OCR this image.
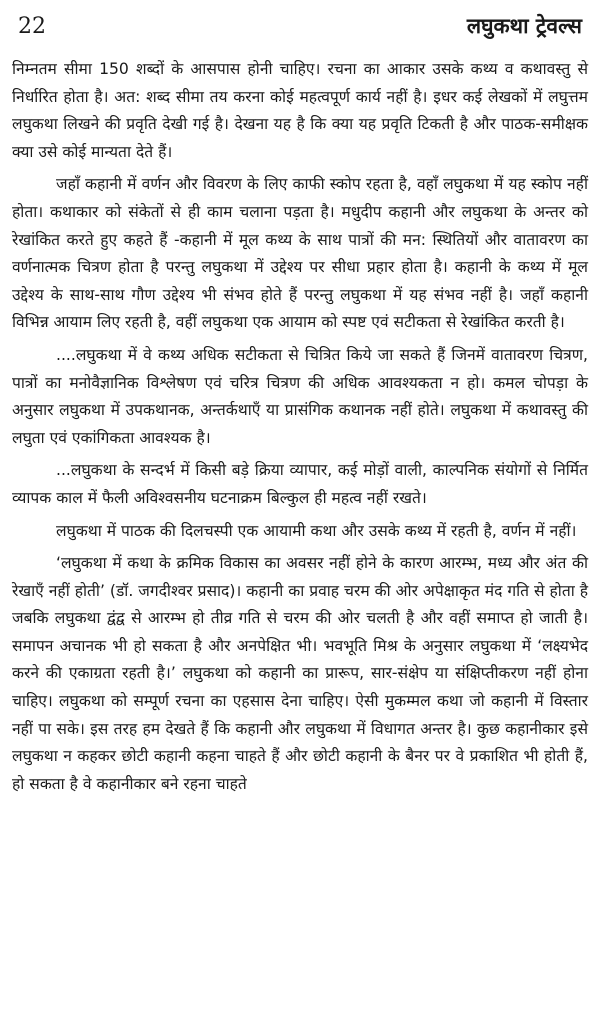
22	लघुकथा ट्रेवल्स

निम्नतम सीमा 150 शब्दों के आसपास होनी चाहिए। रचना का आकार उसके कथ्य व कथावस्तु से निर्धारित होता है। अत: शब्द सीमा तय करना कोई महत्वपूर्ण कार्य नहीं है। इधर कई लेखकों में लघुत्तम लघुकथा लिखने की प्रवृति देखी गई है। देखना यह है कि क्या यह प्रवृति टिकती है और पाठक-समीक्षक क्या उसे कोई मान्यता देते हैं।

जहाँ कहानी में वर्णन और विवरण के लिए काफी स्कोप रहता है, वहाँ लघुकथा में यह स्कोप नहीं होता। कथाकार को संकेतों से ही काम चलाना पड़ता है। मधुदीप कहानी और लघुकथा के अन्तर को रेखांकित करते हुए कहते हैं -कहानी में मूल कथ्य के साथ पात्रों की मन: स्थितियों और वातावरण का वर्णनात्मक चित्रण होता है परन्तु लघुकथा में उद्देश्य पर सीधा प्रहार होता है। कहानी के कथ्य में मूल उद्देश्य के साथ-साथ गौण उद्देश्य भी संभव होते हैं परन्तु लघुकथा में यह संभव नहीं है। जहाँ कहानी विभिन्न आयाम लिए रहती है, वहीं लघुकथा एक आयाम को स्पष्ट एवं सटीकता से रेखांकित करती है।

....लघुकथा में वे कथ्य अधिक सटीकता से चित्रित किये जा सकते हैं जिनमें वातावरण चित्रण, पात्रों का मनोवैज्ञानिक विश्लेषण एवं चरित्र चित्रण की अधिक आवश्यकता न हो। कमल चोपड़ा के अनुसार लघुकथा में उपकथानक, अन्तर्कथाएँ या प्रासंगिक कथानक नहीं होते। लघुकथा में कथावस्तु की लघुता एवं एकांगिकता आवश्यक है।

...लघुकथा के सन्दर्भ में किसी बड़े क्रिया व्यापार, कई मोड़ों वाली, काल्पनिक संयोगों से निर्मित व्यापक काल में फैली अविश्वसनीय घटनाक्रम बिल्कुल ही महत्व नहीं रखते।

लघुकथा में पाठक की दिलचस्पी एक आयामी कथा और उसके कथ्य में रहती है, वर्णन में नहीं।

‘लघुकथा में कथा के क्रमिक विकास का अवसर नहीं होने के कारण आरम्भ, मध्य और अंत की रेखाएँ नहीं होती’ (डॉ. जगदीश्वर प्रसाद)। कहानी का प्रवाह चरम की ओर अपेक्षाकृत मंद गति से होता है जबकि लघुकथा द्वंद्व से आरम्भ हो तीव्र गति से चरम की ओर चलती है और वहीं समाप्त हो जाती है। समापन अचानक भी हो सकता है और अनपेक्षित भी। भवभूति मिश्र के अनुसार लघुकथा में ‘लक्ष्यभेद करने की एकाग्रता रहती है।’ लघुकथा को कहानी का प्रारूप, सार-संक्षेप या संक्षिप्तीकरण नहीं होना चाहिए। लघुकथा को सम्पूर्ण रचना का एहसास देना चाहिए। ऐसी मुकम्मल कथा जो कहानी में विस्तार नहीं पा सके। इस तरह हम देखते हैं कि कहानी और लघुकथा में विधागत अन्तर है। कुछ कहानीकार इसे लघुकथा न कहकर छोटी कहानी कहना चाहते हैं और छोटी कहानी के बैनर पर वे प्रकाशित भी होती हैं, हो सकता है वे कहानीकार बने रहना चाहते
